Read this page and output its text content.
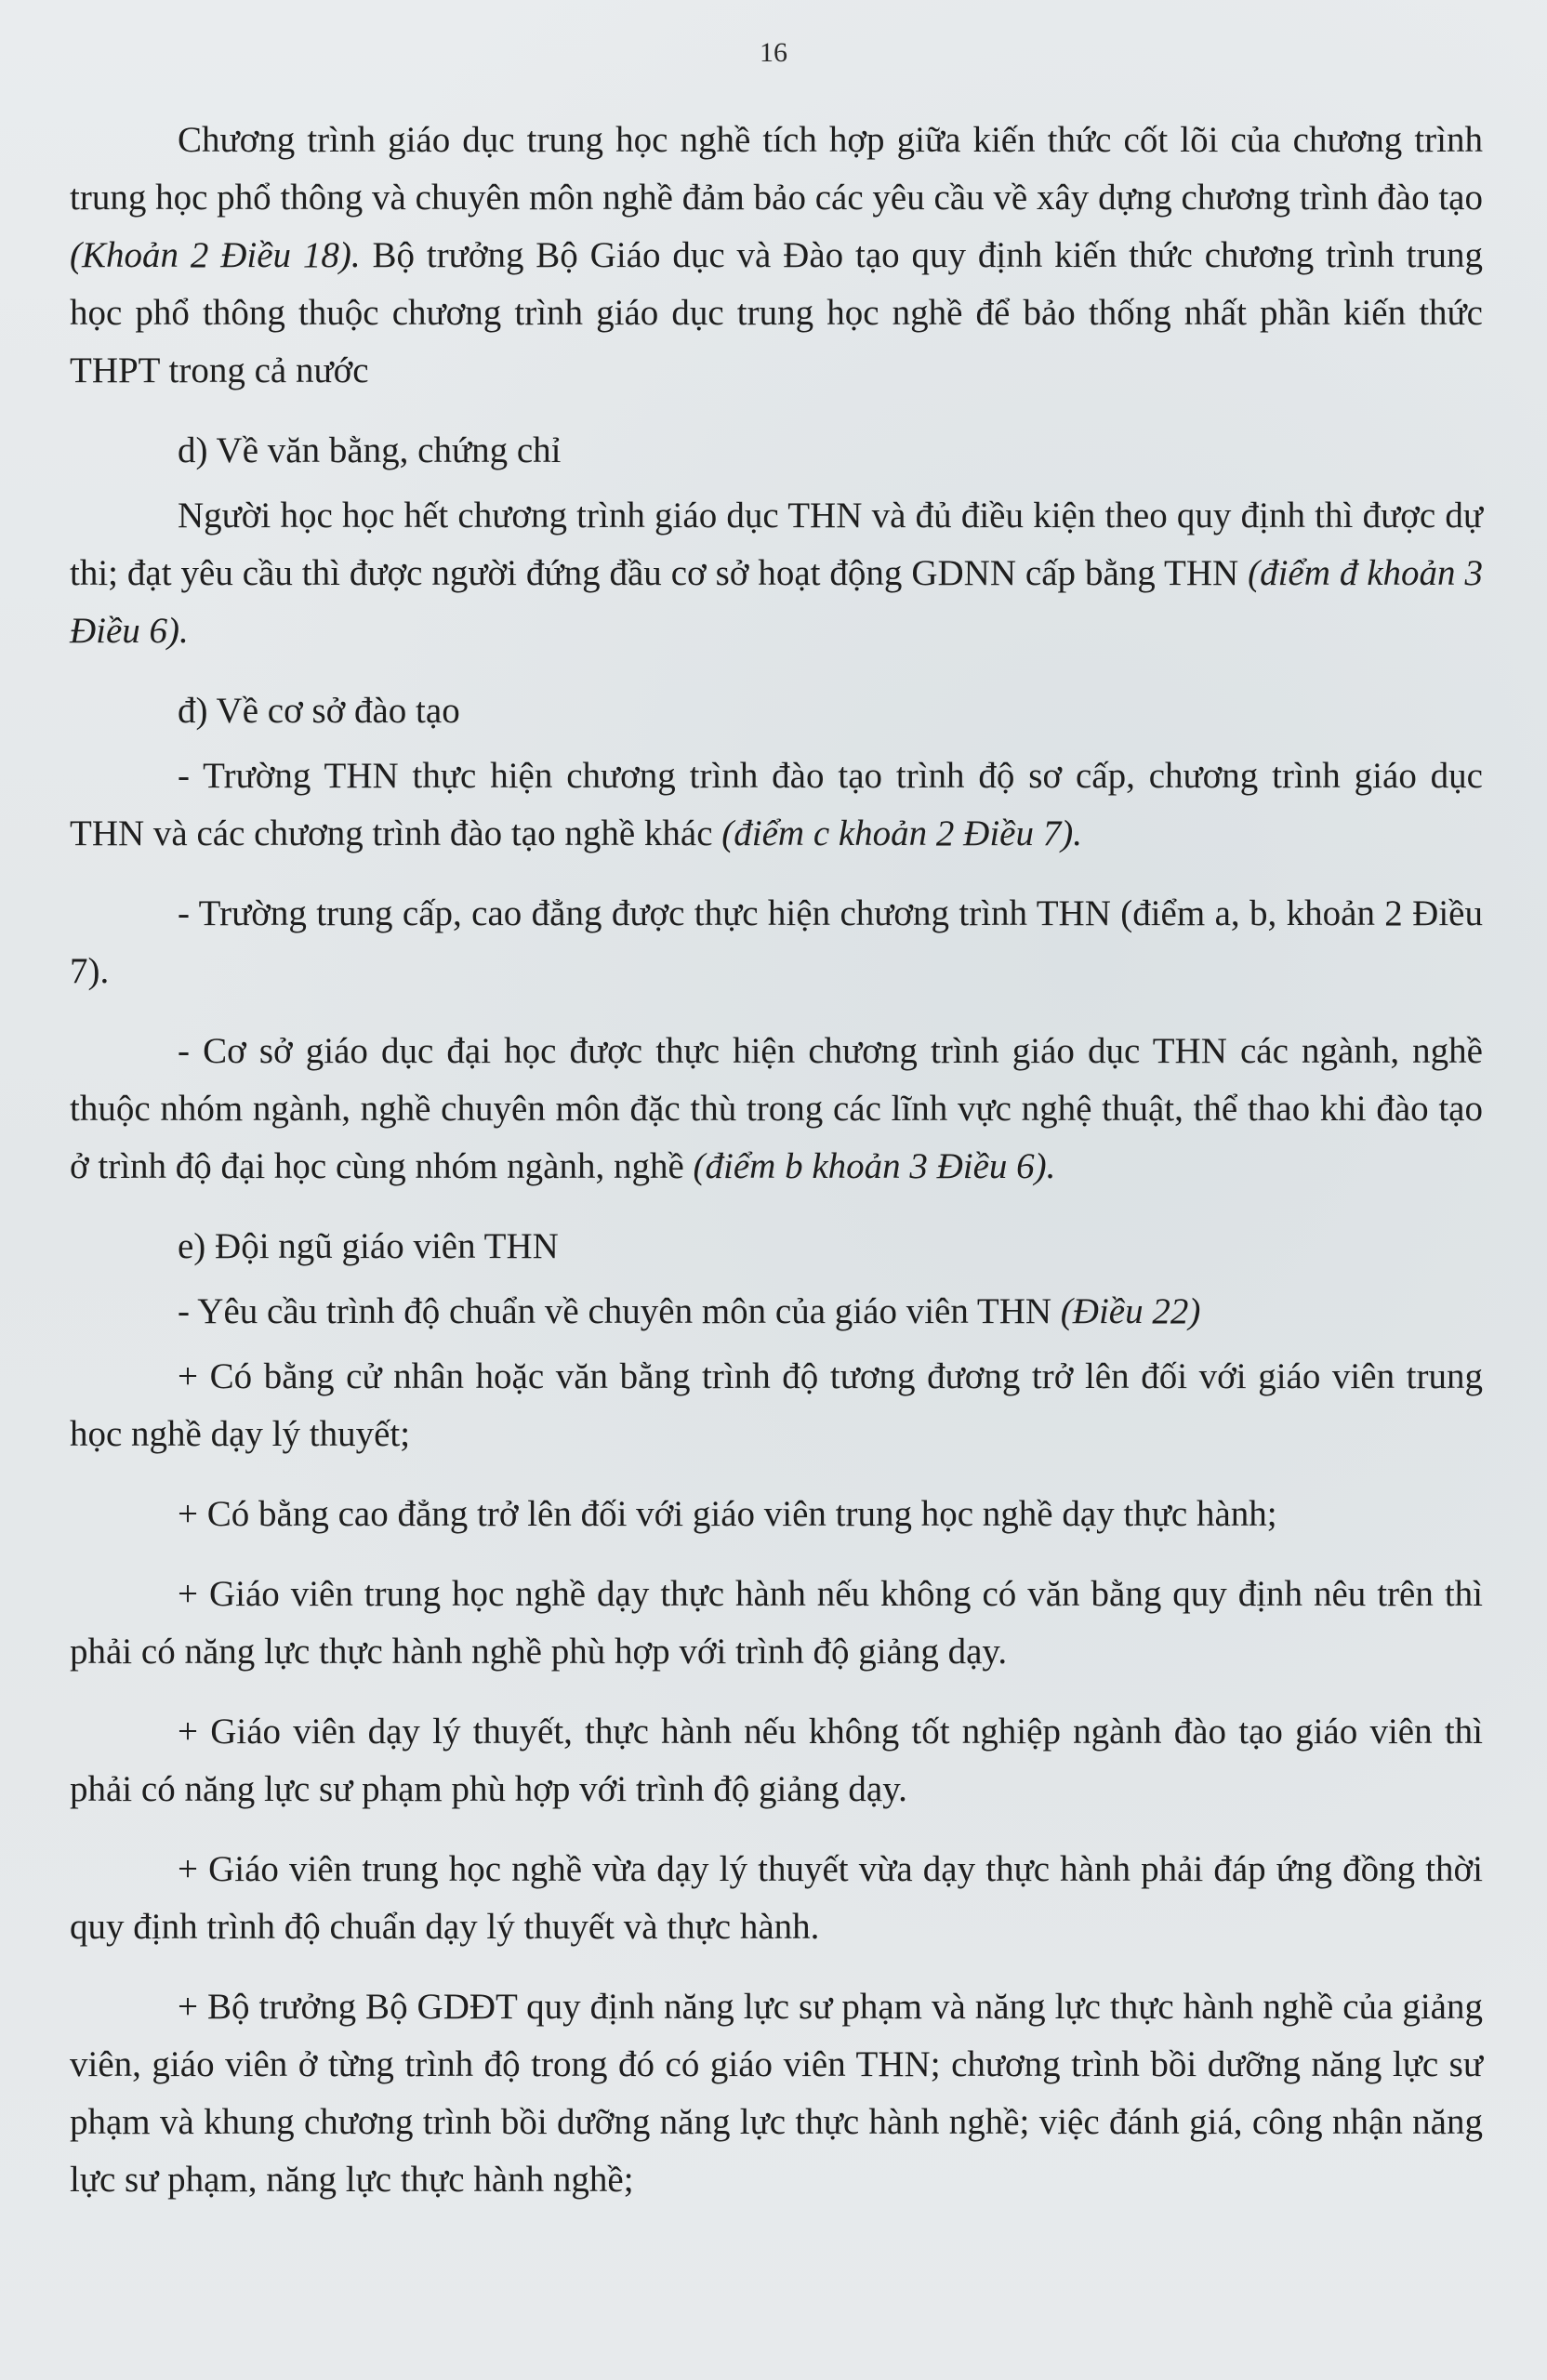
16

Chương trình giáo dục trung học nghề tích hợp giữa kiến thức cốt lõi của chương trình trung học phổ thông và chuyên môn nghề đảm bảo các yêu cầu về xây dựng chương trình đào tạo (Khoản 2 Điều 18). Bộ trưởng Bộ Giáo dục và Đào tạo quy định kiến thức chương trình trung học phổ thông thuộc chương trình giáo dục trung học nghề để bảo thống nhất phần kiến thức THPT trong cả nước

d) Về văn bằng, chứng chỉ

Người học học hết chương trình giáo dục THN và đủ điều kiện theo quy định thì được dự thi; đạt yêu cầu thì được người đứng đầu cơ sở hoạt động GDNN cấp bằng THN (điểm đ khoản 3 Điều 6).

đ) Về cơ sở đào tạo

- Trường THN thực hiện chương trình đào tạo trình độ sơ cấp, chương trình giáo dục THN và các chương trình đào tạo nghề khác (điểm c khoản 2 Điều 7).

- Trường trung cấp, cao đẳng được thực hiện chương trình THN (điểm a, b, khoản 2 Điều 7).

- Cơ sở giáo dục đại học được thực hiện chương trình giáo dục THN các ngành, nghề thuộc nhóm ngành, nghề chuyên môn đặc thù trong các lĩnh vực nghệ thuật, thể thao khi đào tạo ở trình độ đại học cùng nhóm ngành, nghề (điểm b khoản 3 Điều 6).

e) Đội ngũ giáo viên THN

- Yêu cầu trình độ chuẩn về chuyên môn của giáo viên THN (Điều 22)

+ Có bằng cử nhân hoặc văn bằng trình độ tương đương trở lên đối với giáo viên trung học nghề dạy lý thuyết;

+ Có bằng cao đẳng trở lên đối với giáo viên trung học nghề dạy thực hành;

+ Giáo viên trung học nghề dạy thực hành nếu không có văn bằng quy định nêu trên thì phải có năng lực thực hành nghề phù hợp với trình độ giảng dạy.

+ Giáo viên dạy lý thuyết, thực hành nếu không tốt nghiệp ngành đào tạo giáo viên thì phải có năng lực sư phạm phù hợp với trình độ giảng dạy.

+ Giáo viên trung học nghề vừa dạy lý thuyết vừa dạy thực hành phải đáp ứng đồng thời quy định trình độ chuẩn dạy lý thuyết và thực hành.

+ Bộ trưởng Bộ GDĐT quy định năng lực sư phạm và năng lực thực hành nghề của giảng viên, giáo viên ở từng trình độ trong đó có giáo viên THN; chương trình bồi dưỡng năng lực sư phạm và khung chương trình bồi dưỡng năng lực thực hành nghề; việc đánh giá, công nhận năng lực sư phạm, năng lực thực hành nghề;
